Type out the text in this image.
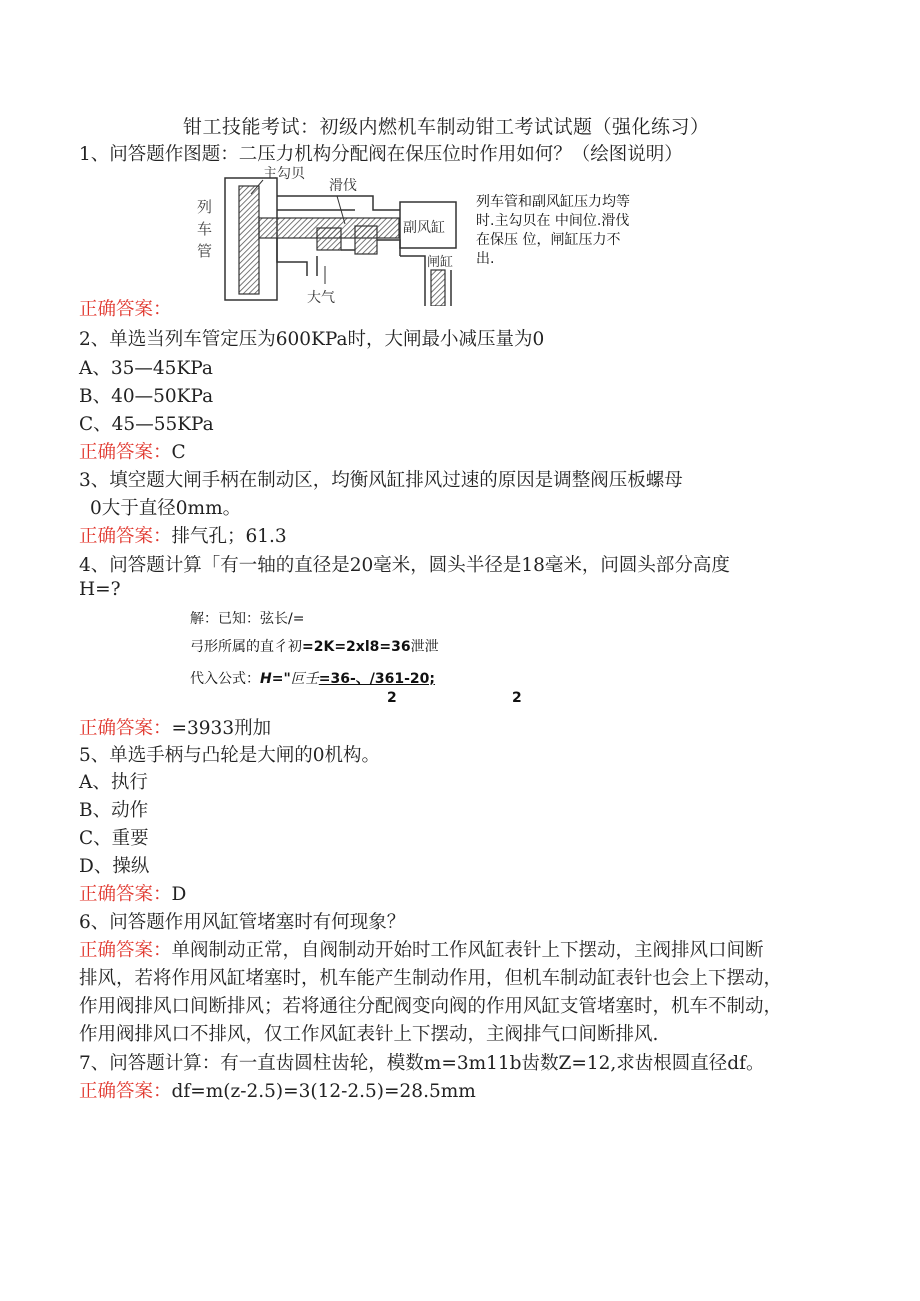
钳工技能考试：初级内燃机车制动钳工考试试题（强化练习）
1、问答题作图题：二压力机构分配阀在保压位时作用如何？（绘图说明）
列
车
管
主勾贝
滑伐
副风缸
大气
闸缸
列车管和副风缸压力均等时.主勾贝在 中间位.滑伐在保压 位，闸缸压力不出.
正确答案：
2、单选当列车管定压为600KPa时，大闸最小减压量为0
A、35—45KPa
B、40—50KPa
C、45—55KPa
正确答案：C
3、填空题大闸手柄在制动区，均衡风缸排风过速的原因是调整阀压板螺母
0大于直径0mm。
正确答案：排气孔；61.3
4、问答题计算「有一轴的直径是20毫米，圆头半径是18毫米，问圆头部分高度
H=?
解：已知：弦长/=
弓形所属的直彳初=2K=2xl8=36泄泄
代入公式：H="叵壬=36-、/361-20;
2	2
正确答案：=3933刑加
5、单选手柄与凸轮是大闸的0机构。
A、执行
B、动作
C、重要
D、操纵
正确答案：D
6、问答题作用风缸管堵塞时有何现象？
正确答案：单阀制动正常，自阀制动开始时工作风缸表针上下摆动，主阀排风口间断
排风，若将作用风缸堵塞时，机车能产生制动作用，但机车制动缸表针也会上下摆动，
作用阀排风口间断排风；若将通往分配阀变向阀的作用风缸支管堵塞时，机车不制动，
作用阀排风口不排风，仅工作风缸表针上下摆动，主阀排气口间断排风.
7、问答题计算：有一直齿圆柱齿轮，模数m=3m11b齿数Z=12,求齿根圆直径df。
正确答案：df=m(z-2.5)=3(12-2.5)=28.5mm
